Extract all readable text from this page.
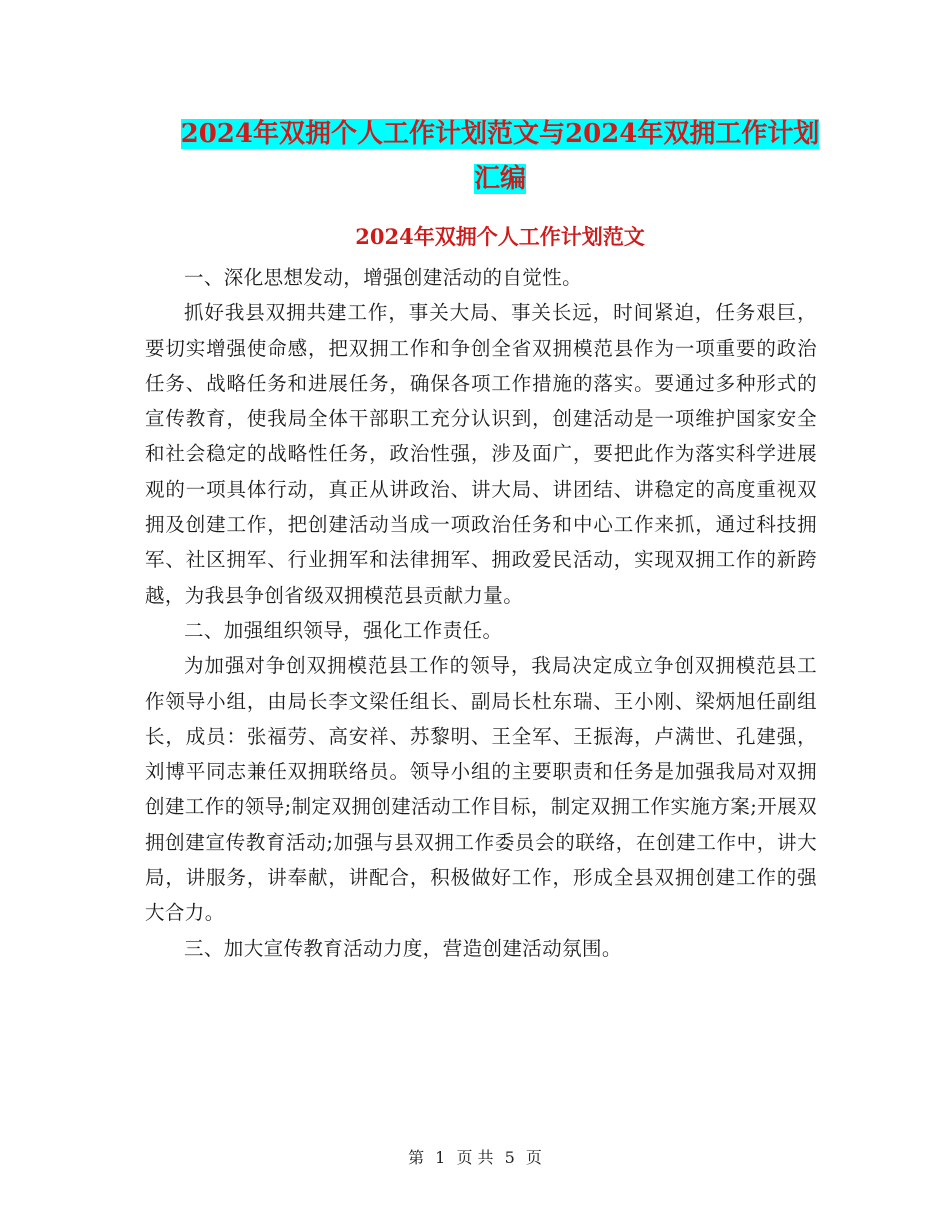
2024年双拥个人工作计划范文与2024年双拥工作计划
汇编
2024年双拥个人工作计划范文

一、深化思想发动，增强创建活动的自觉性。

抓好我县双拥共建工作，事关大局、事关长远，时间紧迫，任务艰巨，要切实增强使命感，把双拥工作和争创全省双拥模范县作为一项重要的政治任务、战略任务和进展任务，确保各项工作措施的落实。要通过多种形式的宣传教育，使我局全体干部职工充分认识到，创建活动是一项维护国家安全和社会稳定的战略性任务，政治性强，涉及面广，要把此作为落实科学进展观的一项具体行动，真正从讲政治、讲大局、讲团结、讲稳定的高度重视双拥及创建工作，把创建活动当成一项政治任务和中心工作来抓，通过科技拥军、社区拥军、行业拥军和法律拥军、拥政爱民活动，实现双拥工作的新跨越，为我县争创省级双拥模范县贡献力量。

二、加强组织领导，强化工作责任。

为加强对争创双拥模范县工作的领导，我局决定成立争创双拥模范县工作领导小组，由局长李文梁任组长、副局长杜东瑞、王小刚、梁炳旭任副组长，成员：张福劳、高安祥、苏黎明、王全军、王振海，卢满世、孔建强，刘博平同志兼任双拥联络员。领导小组的主要职责和任务是加强我局对双拥创建工作的领导;制定双拥创建活动工作目标，制定双拥工作实施方案;开展双拥创建宣传教育活动;加强与县双拥工作委员会的联络，在创建工作中，讲大局，讲服务，讲奉献，讲配合，积极做好工作，形成全县双拥创建工作的强大合力。

三、加大宣传教育活动力度，营造创建活动氛围。

第 1 页 共 5 页
